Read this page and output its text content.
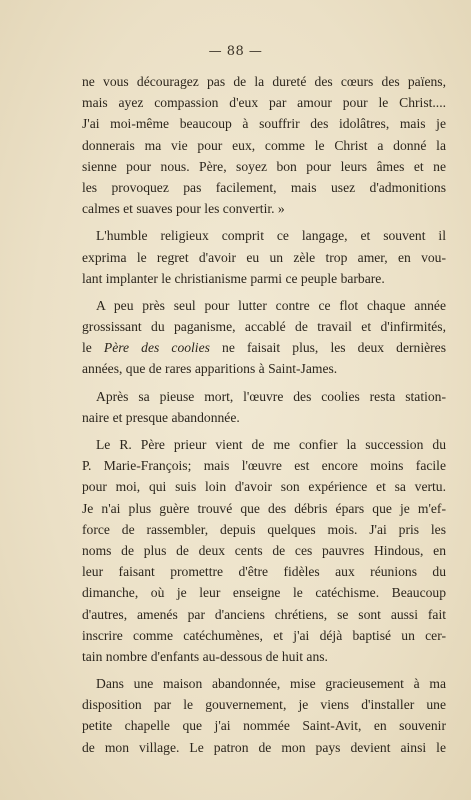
— 88 —
ne vous découragez pas de la dureté des cœurs des païens,
mais ayez compassion d'eux par amour pour le Christ....
J'ai moi-même beaucoup à souffrir des idolâtres, mais je
donnerais ma vie pour eux, comme le Christ a donné la
sienne pour nous. Père, soyez bon pour leurs âmes et ne
les provoquez pas facilement, mais usez d'admonitions
calmes et suaves pour les convertir. »
L'humble religieux comprit ce langage, et souvent il
exprima le regret d'avoir eu un zèle trop amer, en vou-
lant implanter le christianisme parmi ce peuple barbare.
A peu près seul pour lutter contre ce flot chaque année
grossissant du paganisme, accablé de travail et d'infirmités,
le Père des coolies ne faisait plus, les deux dernières
années, que de rares apparitions à Saint-James.
Après sa pieuse mort, l'œuvre des coolies resta station-
naire et presque abandonnée.
Le R. Père prieur vient de me confier la succession du
P. Marie-François; mais l'œuvre est encore moins facile
pour moi, qui suis loin d'avoir son expérience et sa vertu.
Je n'ai plus guère trouvé que des débris épars que je m'ef-
force de rassembler, depuis quelques mois. J'ai pris les
noms de plus de deux cents de ces pauvres Hindous, en
leur faisant promettre d'être fidèles aux réunions du
dimanche, où je leur enseigne le catéchisme. Beaucoup
d'autres, amenés par d'anciens chrétiens, se sont aussi fait
inscrire comme catéchumènes, et j'ai déjà baptisé un cer-
tain nombre d'enfants au-dessous de huit ans.
Dans une maison abandonnée, mise gracieusement à ma
disposition par le gouvernement, je viens d'installer une
petite chapelle que j'ai nommée Saint-Avit, en souvenir
de mon village. Le patron de mon pays devient ainsi le
